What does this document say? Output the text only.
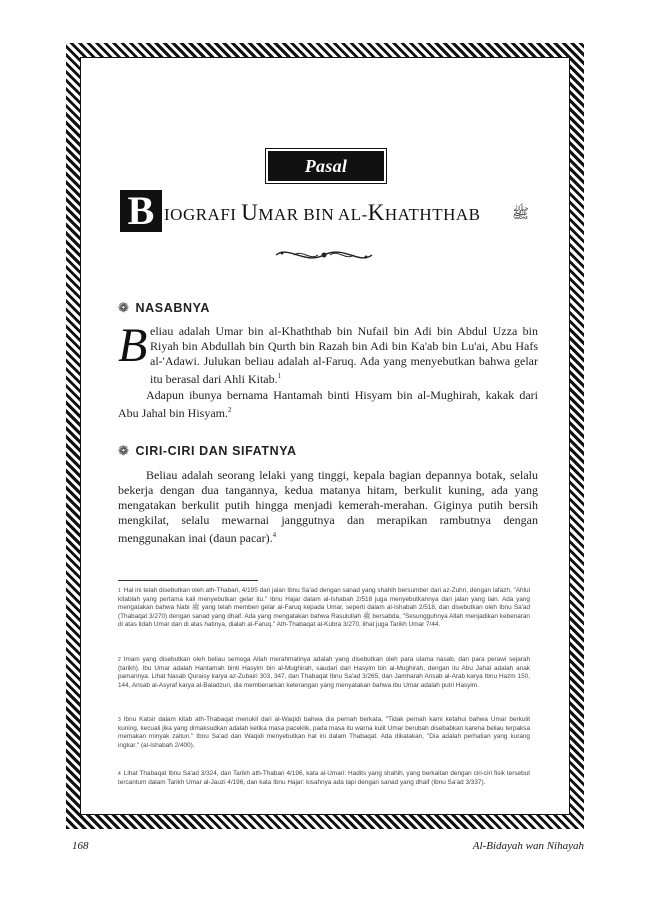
Pasal Pertama
B IOGRAFI UMAR BIN AL-KHATHTHAB ﷺ
❁ NASABNYA
B eliau adalah Umar bin al-Khaththab bin Nufail bin Adi bin Abdul Uzza bin Riyah bin Abdullah bin Qurth bin Razah bin Adi bin Ka'ab bin Lu'ai, Abu Hafs al-'Adawi. Julukan beliau adalah al-Faruq. Ada yang menyebutkan bahwa gelar itu berasal dari Ahli Kitab.$^1$
Adapun ibunya bernama Hantamah binti Hisyam bin al-Mughirah, kakak dari Abu Jahal bin Hisyam.$^2$
❁ CIRI-CIRI DAN SIFATNYA
Beliau adalah seorang lelaki yang tinggi, kepala bagian depannya botak, selalu bekerja dengan dua tangannya, kedua matanya hitam, berkulit kuning, ada yang mengatakan berkulit putih hingga menjadi kemerah-merahan. Giginya putih bersih mengkilat, selalu mewarnai janggutnya dan merapikan rambutnya dengan menggunakan inai (daun pacar).$^4$
$^1$ Hal ini telah disebutkan oleh ath-Thabari, 4/195 dari jalan Ibnu Sa'ad dengan sanad yang shahih bersumber dari az-Zuhri, dengan lafazh, "Ahlul kitablah yang pertama kali menyebutkan gelar itu." Ibnu Hajar dalam al-Ishabah 2/518 juga menyebutkannya dari jalan yang lain. Ada yang mengatakan bahwa Nabi ﷺ yang telah memberi gelar al-Faruq kepada Umar, seperti dalam al-Ishabah 2/518, dan disebutkan oleh Ibnu Sa'ad (Thabaqat 3/270) dengan sanad yang dhaif. Ada yang mengatakan bahwa Rasulullah ﷺ bersabda, "Sesungguhnya Allah menjadikan kebenaran di atas lidah Umar dan di atas hatinya, dialah al-Faruq." Ath-Thabaqat al-Kubra 3/270, lihat juga Tarikh Umar 7/44.
$^2$ Imam yang disebutkan oleh beliau semoga Allah merahmatinya adalah yang disebutkan oleh para ulama nasab, dan para perawi sejarah (tarikh). Ibu Umar adalah Hantamah binti Hasyim bin al-Mughirah, saudari dari Hasyim bin al-Mughirah, dengan itu Abu Jahal adalah anak pamannya. Lihat Nasab Quraisy karya az-Zubairi 303, 347, dan Thabaqat Ibnu Sa'ad 3/265, dan Jamharah Ansab al-Arab karya Ibnu Hazm 150, 144, Ansab al-Asyraf karya al-Baladzuri, dia membenarkan keterangan yang menyatakan bahwa ibu Umar adalah putri Hasyim.
$^3$ Ibnu Katsir dalam kitab ath-Thabaqat menukil dari al-Waqidi bahwa dia pernah berkata, "Tidak pernah kami ketahui bahwa Umar berkulit kuning, kecuali jika yang dimaksudkan adalah ketika masa paceklik, pada masa itu warna kulit Umar berubah disebabkan karena beliau terpaksa memakan minyak zaitun." Ibnu Sa'ad dan Waqidi menyebutkan hal ini dalam Thabaqat. Ada dikatakan, "Dia adalah perhatian yang kurang ingkar." (al-Ishabah 2/400).
$^4$ Lihat Thabaqat Ibnu Sa'ad 3/324, dan Tarikh ath-Thabari 4/196, kata al-Umari: Hadits yang shahih, yang berkaitan dengan ciri-ciri fisik tersebut tercantum dalam Tarikh Umar al-Jauzi 4/196, dan kata Ibnu Hajar: kisahnya ada tapi dengan sanad yang dhaif (Ibnu Sa'ad 3/337).
168	Al-Bidayah wan Nihayah
